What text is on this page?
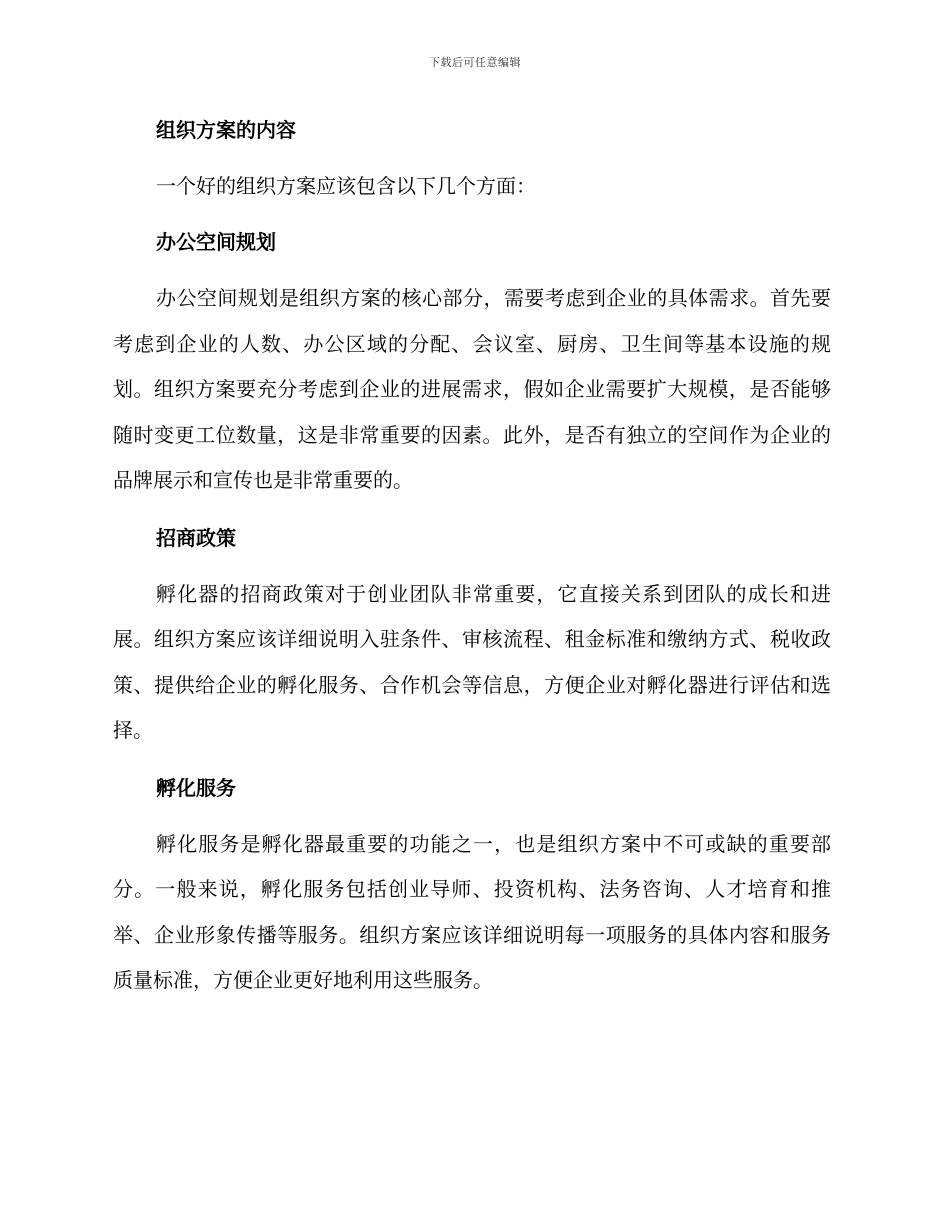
下载后可任意编辑

组织方案的内容

一个好的组织方案应该包含以下几个方面：

办公空间规划

办公空间规划是组织方案的核心部分，需要考虑到企业的具体需求。首先要考虑到企业的人数、办公区域的分配、会议室、厨房、卫生间等基本设施的规划。组织方案要充分考虑到企业的进展需求，假如企业需要扩大规模，是否能够随时变更工位数量，这是非常重要的因素。此外，是否有独立的空间作为企业的品牌展示和宣传也是非常重要的。

招商政策

孵化器的招商政策对于创业团队非常重要，它直接关系到团队的成长和进展。组织方案应该详细说明入驻条件、审核流程、租金标准和缴纳方式、税收政策、提供给企业的孵化服务、合作机会等信息，方便企业对孵化器进行评估和选择。

孵化服务

孵化服务是孵化器最重要的功能之一，也是组织方案中不可或缺的重要部分。一般来说，孵化服务包括创业导师、投资机构、法务咨询、人才培育和推举、企业形象传播等服务。组织方案应该详细说明每一项服务的具体内容和服务质量标准，方便企业更好地利用这些服务。
